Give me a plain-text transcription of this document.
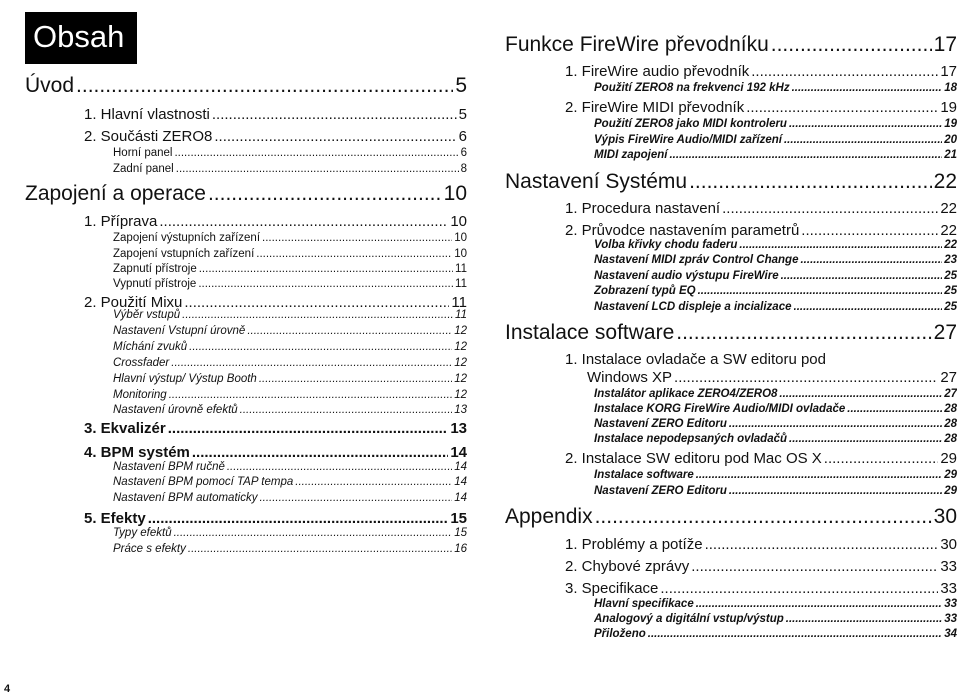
Obsah
Úvod .....	5
1. Hlavní vlastnosti .....	5
2. Součásti ZERO8 .....	6
Horní panel .....	6
Zadní panel .....	8
Zapojení a operace .....	10
1. Příprava .....	10
Zapojení výstupních zařízení .....	10
Zapojení vstupních zařízení .....	10
Zapnutí přístroje .....	11
Vypnutí přístroje .....	11
2. Použití Mixu .....	11
Výběr vstupů .....	11
Nastavení Vstupní úrovně .....	12
Míchání zvuků .....	12
Crossfader .....	12
Hlavní výstup/ Výstup Booth .....	12
Monitoring .....	12
Nastavení úrovně efektů .....	13
3. Ekvalizér .....	13
4. BPM systém .....	14
Nastavení BPM ručně .....	14
Nastavení BPM pomocí TAP tempa .....	14
Nastavení BPM automaticky .....	14
5. Efekty .....	15
Typy efektů .....	15
Práce s efekty .....	16
Funkce FireWire převodníku .....	17
1. FireWire audio převodník .....	17
Použití ZERO8 na frekvenci 192 kHz .....	18
2. FireWire MIDI převodník .....	19
Použití ZERO8 jako MIDI kontroleru .....	19
Výpis FireWire Audio/MIDI zařízení .....	20
MIDI zapojení .....	21
Nastavení Systému .....	22
1. Procedura nastavení .....	22
2. Průvodce nastavením parametrů .....	22
Volba křivky chodu faderu .....	22
Nastavení MIDI zpráv Control Change .....	23
Nastavení audio výstupu FireWire .....	25
Zobrazení typů EQ .....	25
Nastavení LCD displeje a incializace .....	25
Instalace software .....	27
1. Instalace ovladače a SW editoru pod
Windows XP .....	27
Instalátor aplikace ZERO4/ZERO8 .....	27
Instalace KORG FireWire Audio/MIDI ovladače .....	28
Nastavení ZERO Editoru .....	28
Instalace nepodepsaných ovladačů .....	28
2. Instalace SW editoru pod Mac OS X .....	29
Instalace software .....	29
Nastavení ZERO Editoru .....	29
Appendix .....	30
1. Problémy a potíže .....	30
2. Chybové zprávy .....	33
3. Specifikace .....	33
Hlavní specifikace .....	33
Analogový a digitální vstup/výstup .....	33
Přiloženo .....	34
4
